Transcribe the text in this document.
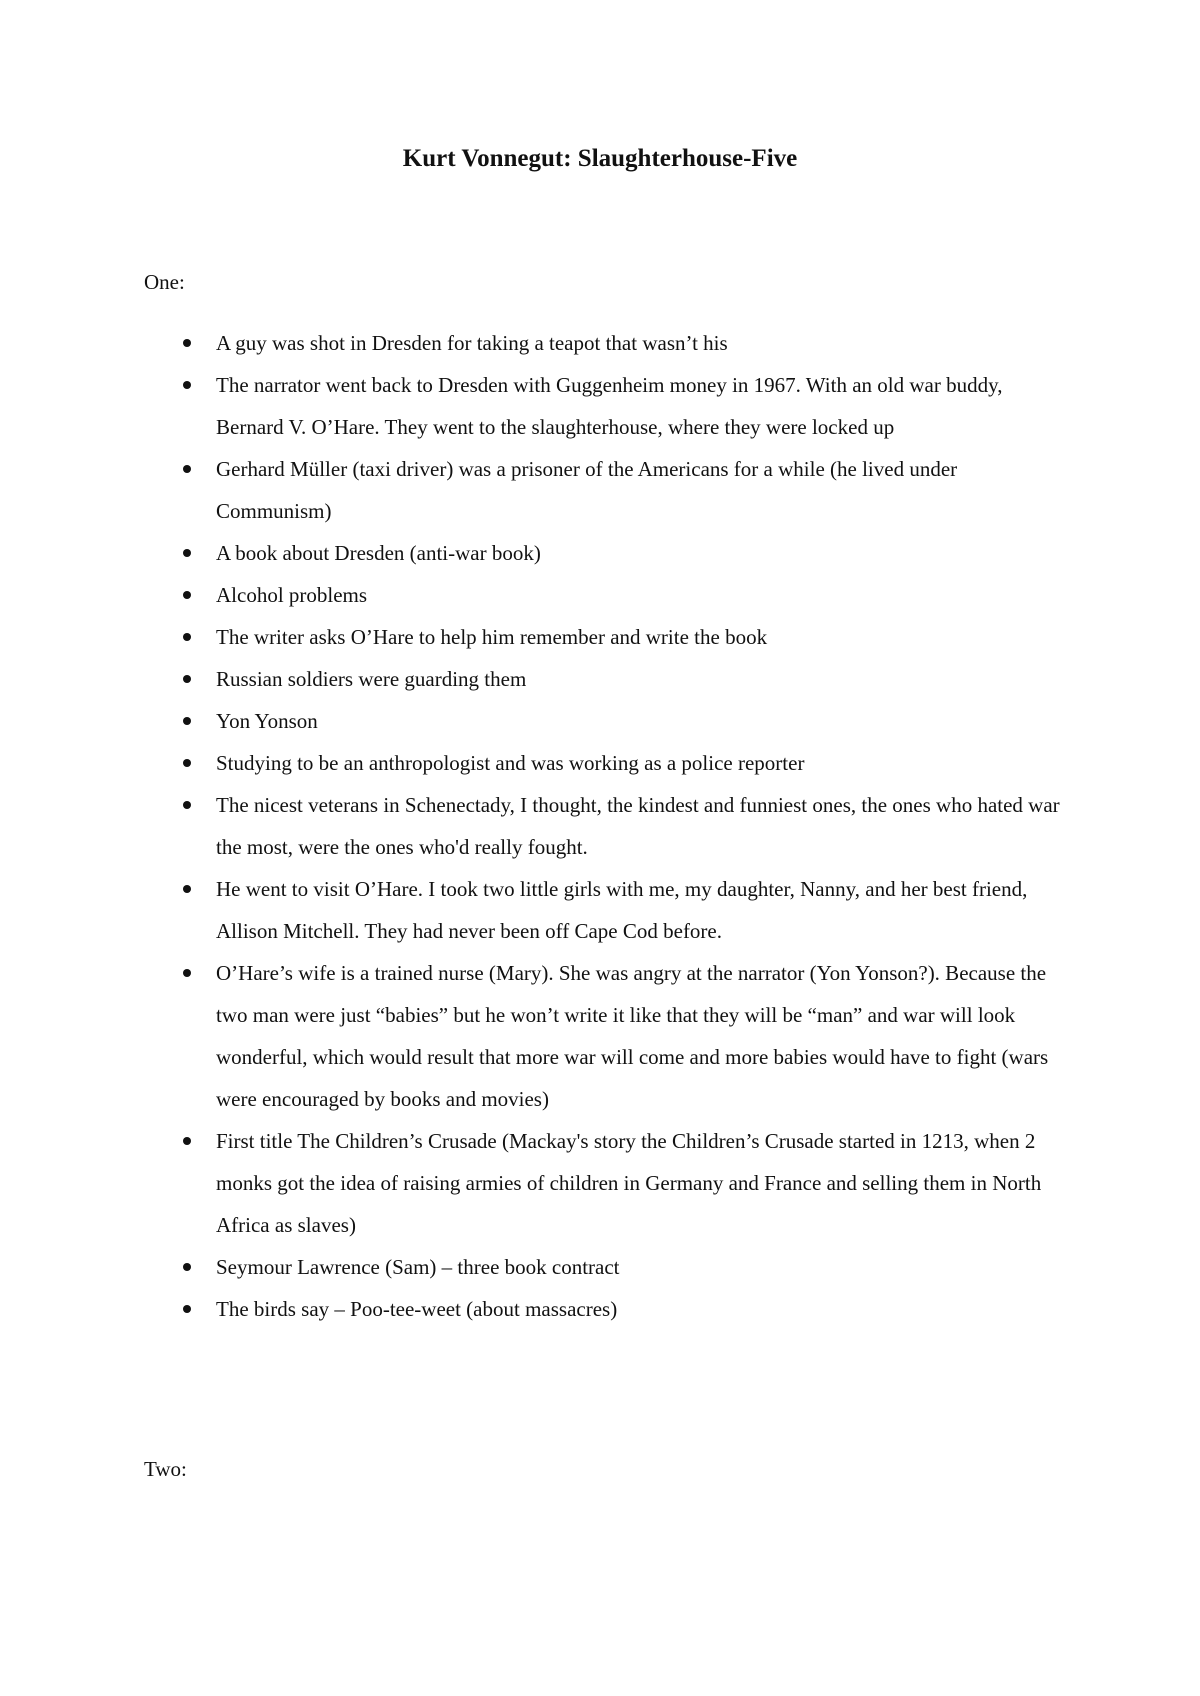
Kurt Vonnegut: Slaughterhouse-Five

One:

A guy was shot in Dresden for taking a teapot that wasn’t his
The narrator went back to Dresden with Guggenheim money in 1967. With an old war buddy, Bernard V. O’Hare. They went to the slaughterhouse, where they were locked up
Gerhard Müller (taxi driver) was a prisoner of the Americans for a while (he lived under Communism)
A book about Dresden (anti-war book)
Alcohol problems
The writer asks O’Hare to help him remember and write the book
Russian soldiers were guarding them
Yon Yonson
Studying to be an anthropologist and was working as a police reporter
The nicest veterans in Schenectady, I thought, the kindest and funniest ones, the ones who hated war the most, were the ones who'd really fought.
He went to visit O’Hare. I took two little girls with me, my daughter, Nanny, and her best friend, Allison Mitchell. They had never been off Cape Cod before.
O’Hare’s wife is a trained nurse (Mary). She was angry at the narrator (Yon Yonson?). Because the two man were just “babies” but he won’t write it like that they will be “man” and war will look wonderful, which would result that more war will come and more babies would have to fight (wars were encouraged by books and movies)
First title The Children’s Crusade (Mackay's story the Children’s Crusade started in 1213, when 2 monks got the idea of raising armies of children in Germany and France and selling them in North Africa as slaves)
Seymour Lawrence (Sam) – three book contract
The birds say – Poo-tee-weet (about massacres)

Two:
